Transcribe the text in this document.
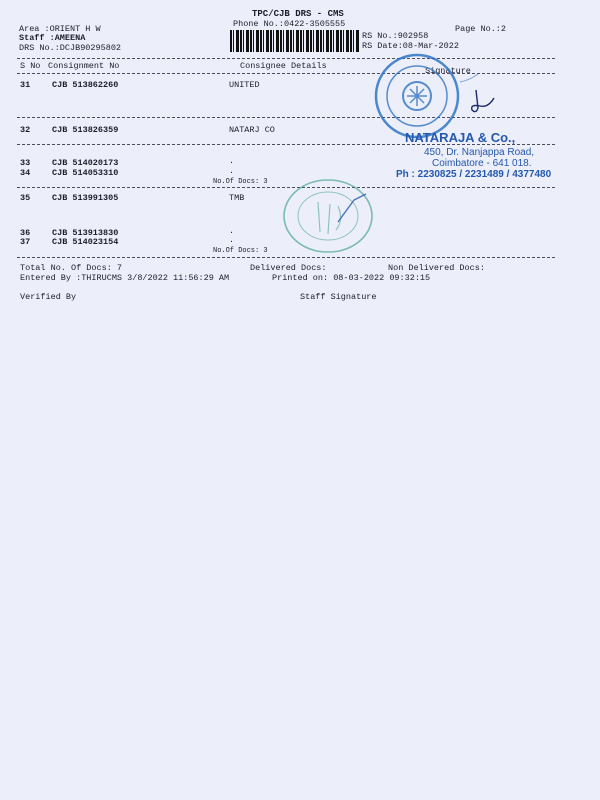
TPC/CJB DRS - CMS
Phone No.:0422-3505555
Area :ORIENT H W
Staff :AMEENA
DRS No.:DCJB90295802
RS No.:902958
RS Date:08-Mar-2022
Page No.:2
S No Consignment No	Consignee Details	Signature
31	CJB 513862260	UNITED
32	CJB 513826359	NATARJ CO
33	CJB 514020173	.
34	CJB 514053310	.
No.Of Docs: 3
35	CJB 513991305	TMB
36	CJB 513913830	.
37	CJB 514023154	.
No.Of Docs: 3
NATARAJA & Co.,
450, Dr. Nanjappa Road,
Coimbatore - 641 018.
Ph : 2230825 / 2231489 / 4377480
Total No. Of Docs: 7	Delivered Docs:	Non Delivered Docs:
Entered By :THIRUCMS 3/8/2022 11:56:29 AM	Printed on: 08-03-2022 09:32:15
Verified By	Staff Signature
